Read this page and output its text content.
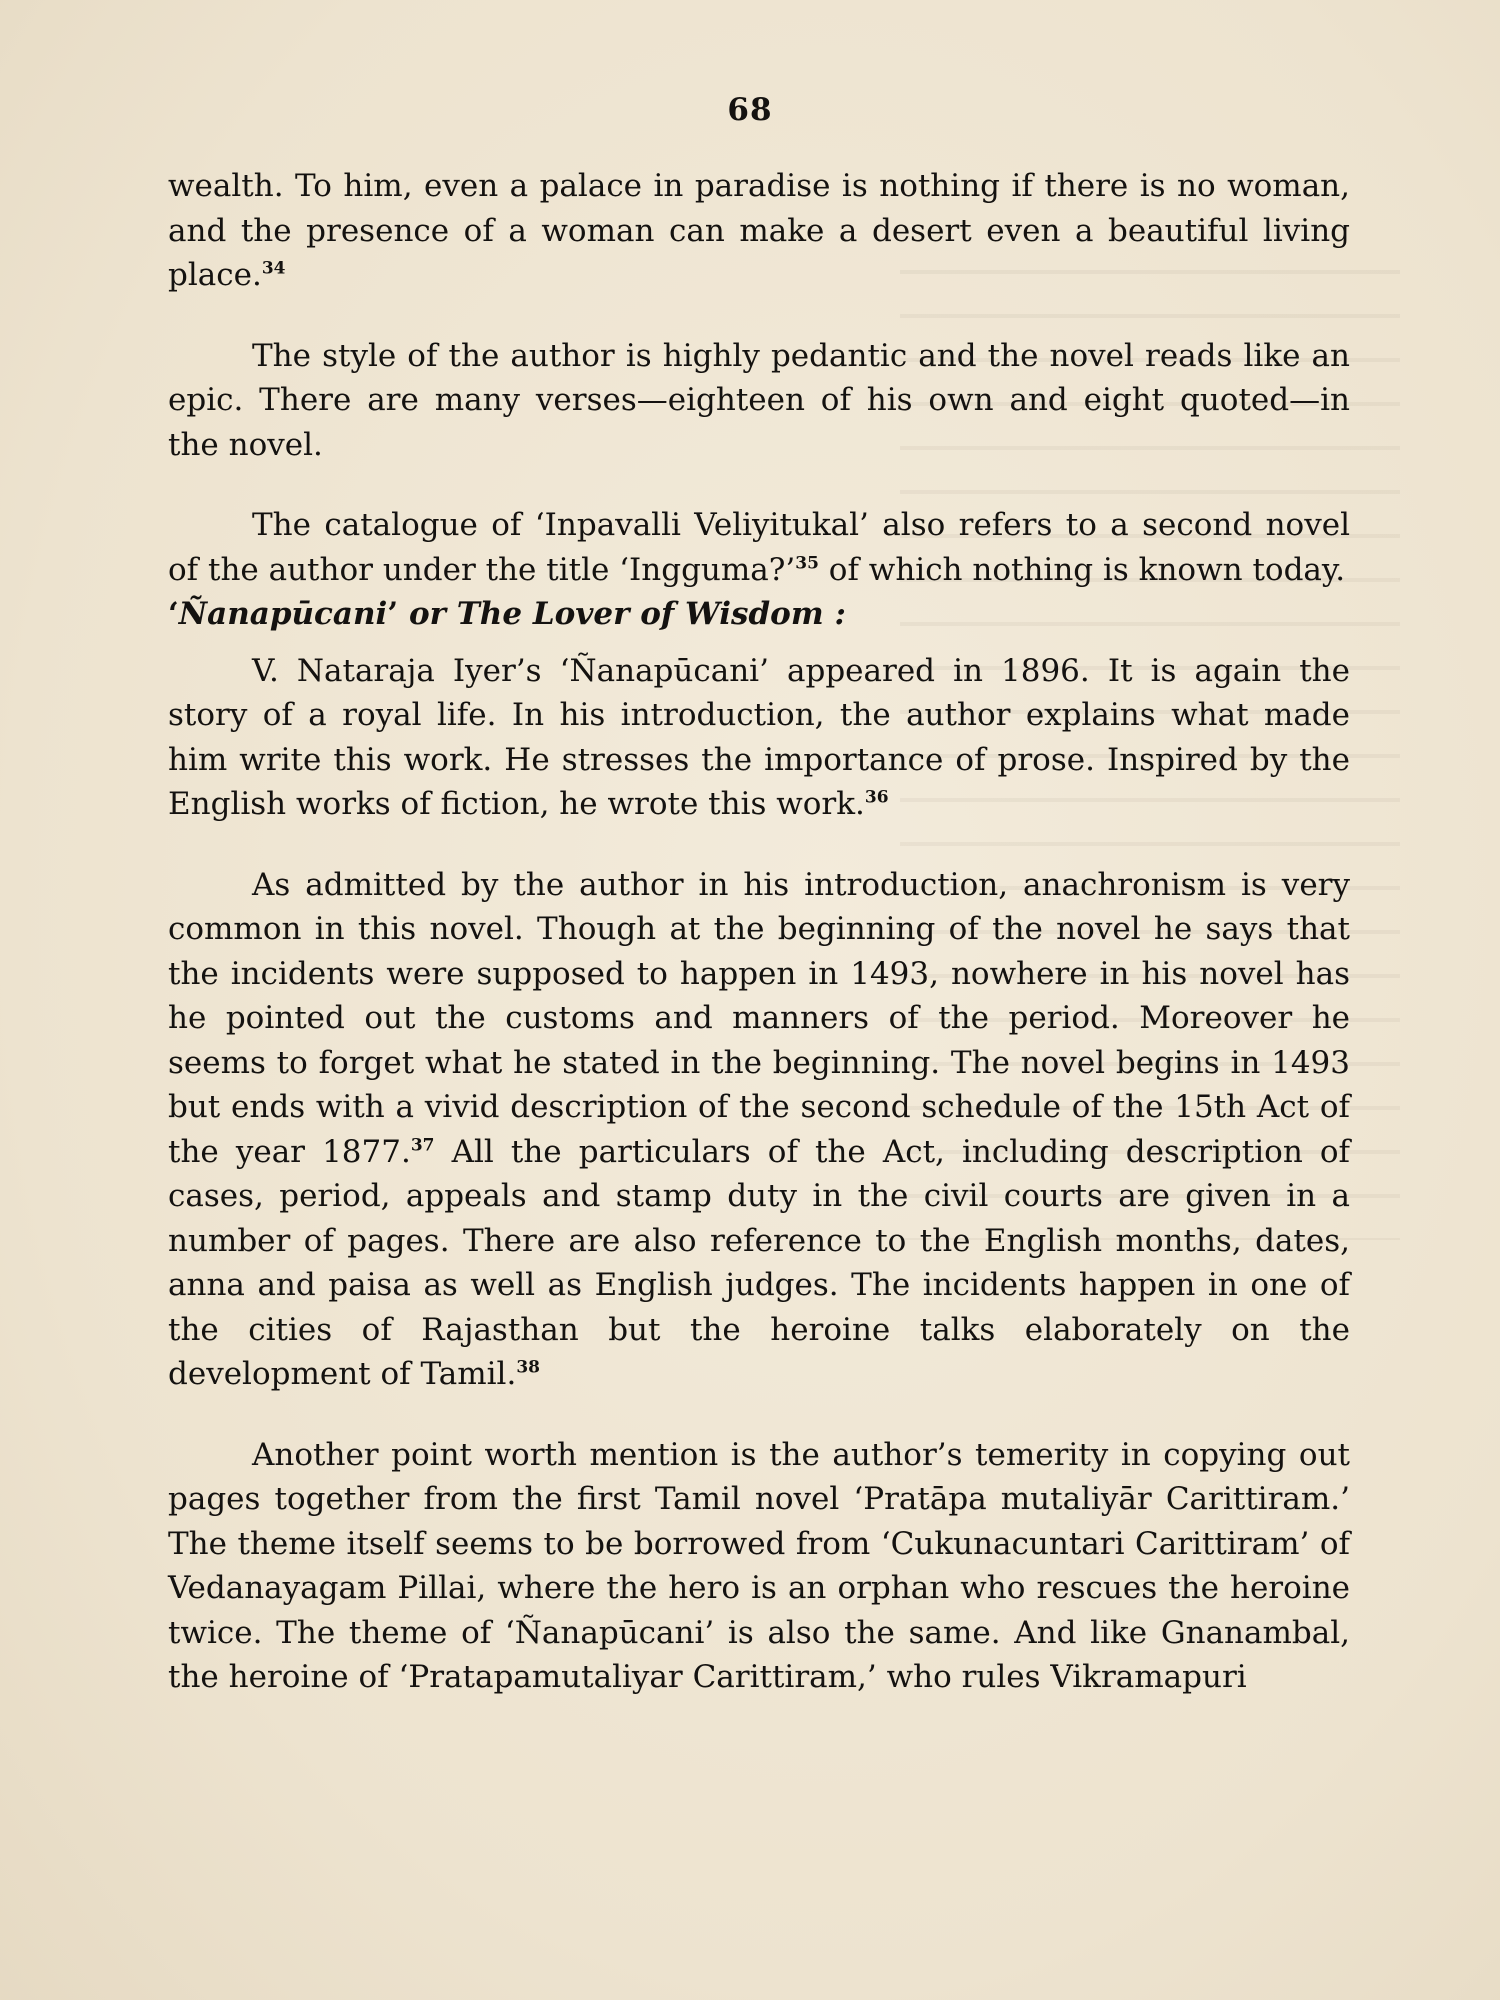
68

wealth. To him, even a palace in paradise is nothing if there is no woman, and the presence of a woman can make a desert even a beautiful living place.$^{34}$

The style of the author is highly pedantic and the novel reads like an epic. There are many verses—eighteen of his own and eight quoted—in the novel.

The catalogue of ‘Inpavalli Veliyitukal’ also refers to a second novel of the author under the title ‘Ingguma?’$^{35}$ of which nothing is known today.

‘Ñanapūcani’ or The Lover of Wisdom :

V. Nataraja Iyer’s ‘Ñanapūcani’ appeared in 1896. It is again the story of a royal life. In his introduction, the author explains what made him write this work. He stresses the importance of prose. Inspired by the English works of fiction, he wrote this work.$^{36}$

As admitted by the author in his introduction, anachronism is very common in this novel. Though at the beginning of the novel he says that the incidents were supposed to happen in 1493, nowhere in his novel has he pointed out the customs and manners of the period. Moreover he seems to forget what he stated in the beginning. The novel begins in 1493 but ends with a vivid description of the second schedule of the 15th Act of the year 1877.37 All the particulars of the Act, including description of cases, period, appeals and stamp duty in the civil courts are given in a number of pages. There are also reference to the English months, dates, anna and paisa as well as English judges. The incidents happen in one of the cities of Rajasthan but the heroine talks elaborately on the development of Tamil.$^{38}$

Another point worth mention is the author’s temerity in copying out pages together from the first Tamil novel ‘Pratāpa mutaliyār Carittiram.’ The theme itself seems to be borrowed from ‘Cukunacuntari Carittiram’ of Vedanayagam Pillai, where the hero is an orphan who rescues the heroine twice. The theme of ‘Ñanapūcani’ is also the same. And like Gnanambal, the heroine of ‘Pratapamutaliyar Carittiram,’ who rules Vikramapuri
